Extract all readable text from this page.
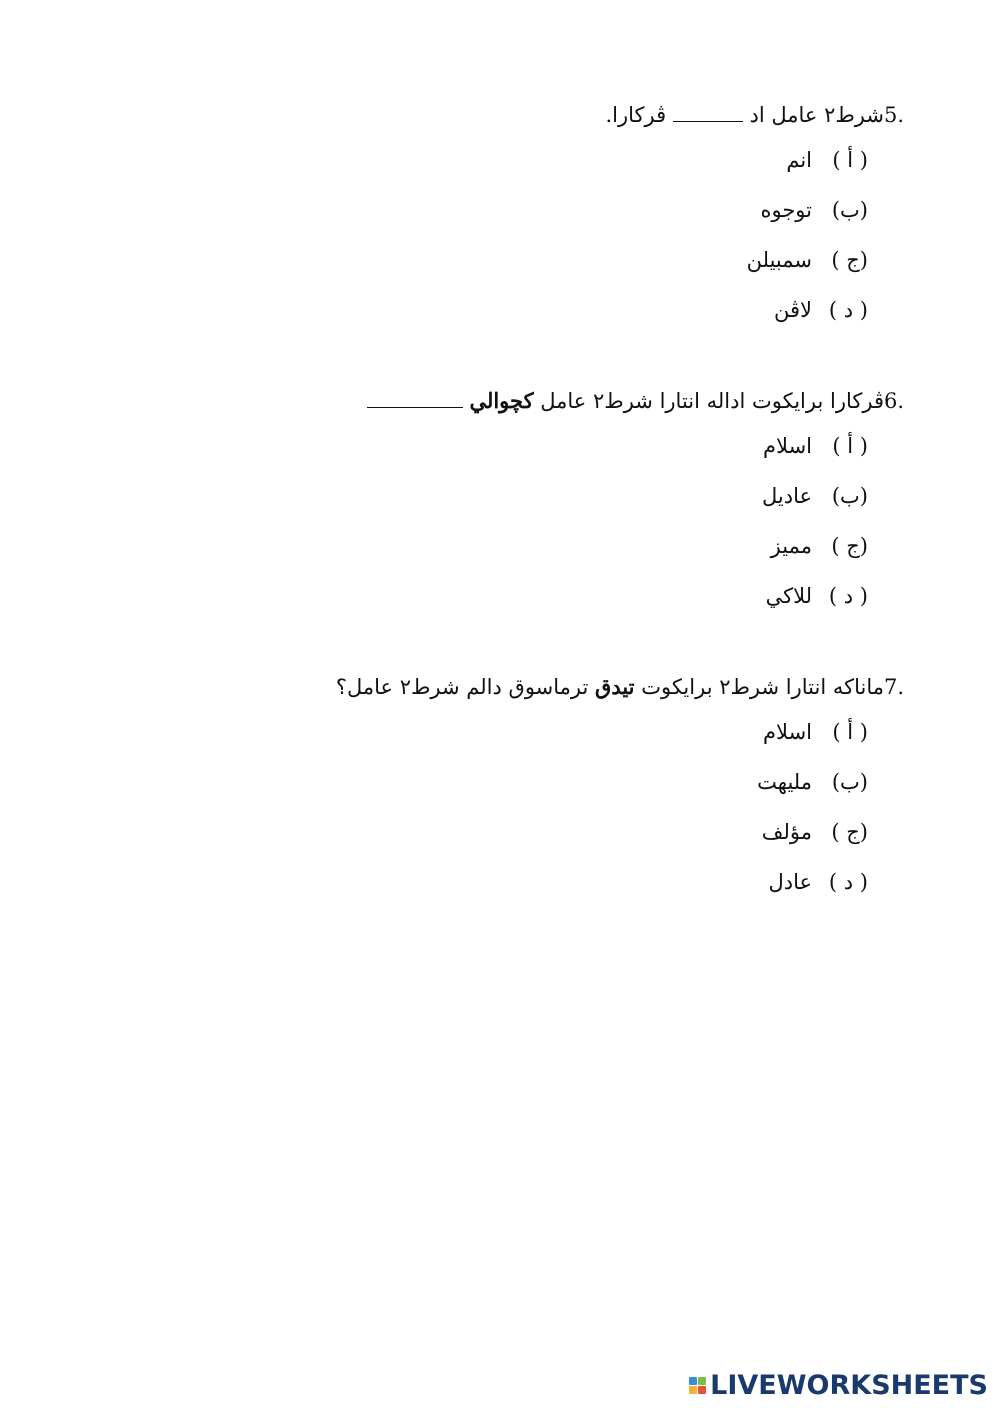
5.
شرط٢ عامل اد  ڤركارا.
( أ )
انم
(ب)
توجوه
(ج )
سمبيلن
( د )
لاڤن
6.
ڤركارا برايكوت اداله انتارا شرط٢ عامل كچوالي
( أ )
اسلام
(ب)
عاديل
(ج )
مميز
( د )
للاكي
7.
ماناكه انتارا شرط٢ برايكوت تيدق ترماسوق دالم شرط٢ عامل؟
( أ )
اسلام
(ب)
مليهت
(ج )
مؤلف
( د )
عادل
LIVEWORKSHEETS
